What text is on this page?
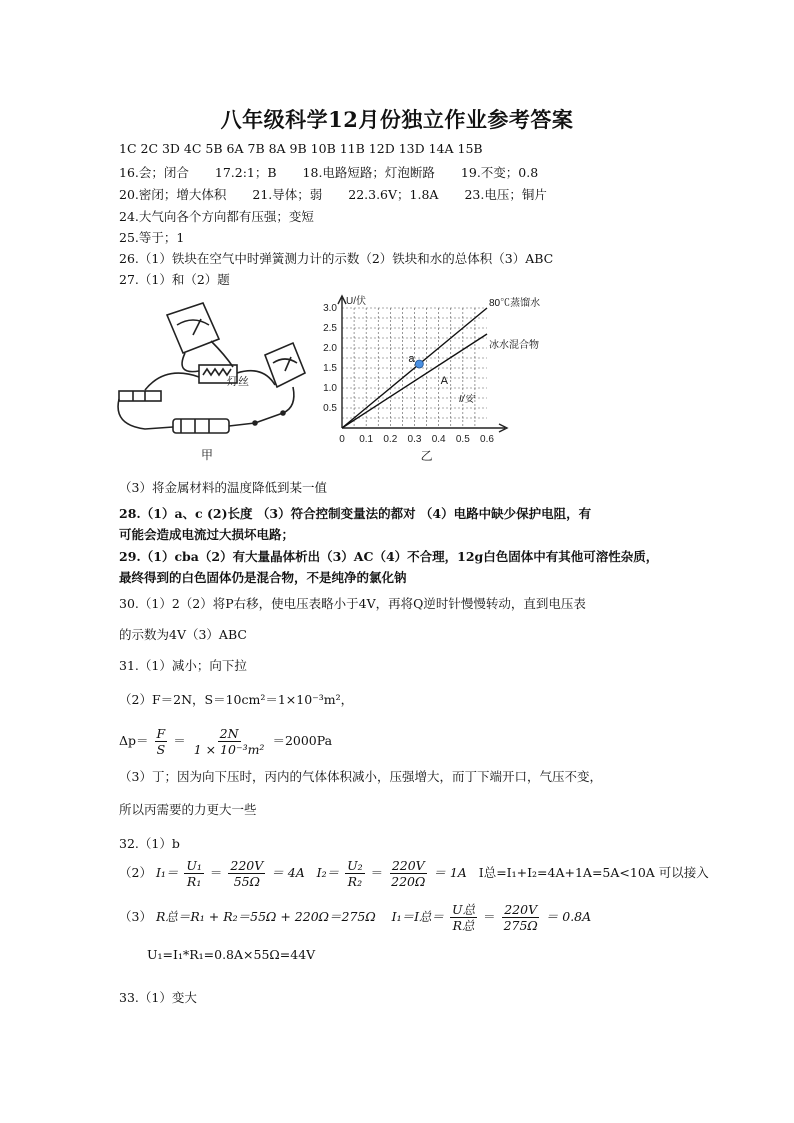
八年级科学12月份独立作业参考答案
1C 2C 3D 4C 5B 6A 7B 8A 9B 10B 11B 12D 13D 14A 15B
16.会；闭合 17.2:1；B 18.电路短路；灯泡断路 19.不变；0.8
20.密闭；增大体积 21.导体；弱 22.3.6V；1.8A 23.电压；铜片
24.大气向各个方向都有压强；变短
25.等于；1
26.（1）铁块在空气中时弹簧测力计的示数（2）铁块和水的总体积（3）ABC
27.（1）和（2）题
灯丝
甲
0 0.1 0.2 0.3 0.4 0.5 0.6
0.5
1.0
1.5
2.0
2.5
3.0
U/伏
I/安
80℃蒸馏水
冰水混合物
a
A
乙
（3）将金属材料的温度降低到某一值
28.（1）a、c (2)长度 （3）符合控制变量法的都对 （4）电路中缺少保护电阻，有
可能会造成电流过大损坏电路；
29.（1）cba（2）有大量晶体析出（3）AC（4）不合理，12g白色固体中有其他可溶性杂质，
最终得到的白色固体仍是混合物，不是纯净的氯化钠
30.（1）2（2）将P右移，使电压表略小于4V，再将Q逆时针慢慢转动，直到电压表
的示数为4V（3）ABC
31.（1）减小；向下拉
（2）F＝2N，S＝10cm²＝1×10⁻³m²，
$\Delta p= \frac{F}{S} = \frac{2N}{\text{1 × 10⁻³m²}} =2000Pa$
（3）丁；因为向下压时，丙内的气体体积减小，压强增大，而丁下端开口，气压不变，
所以丙需要的力更大一些
32.（1）b
（2） $I_1= \frac{\text{U₁}}{\text{R₁}} = \frac{220V}{55\Omega} = 4A$ $I_2= \frac{\text{U₂}}{\text{R₂}} = \frac{220V}{220\Omega} = 1A$ I总=I₁+I₂=4A+1A=5A<10A 可以接入
（3） R总＝R₁ + R₂＝55Ω + 220Ω＝275Ω I₁＝I总＝ $\frac{\text{U总}}{\text{R总}} = \frac{220V}{275\Omega} = 0.8A$
U₁=I₁*R₁=0.8A×55Ω=44V
33.（1）变大
